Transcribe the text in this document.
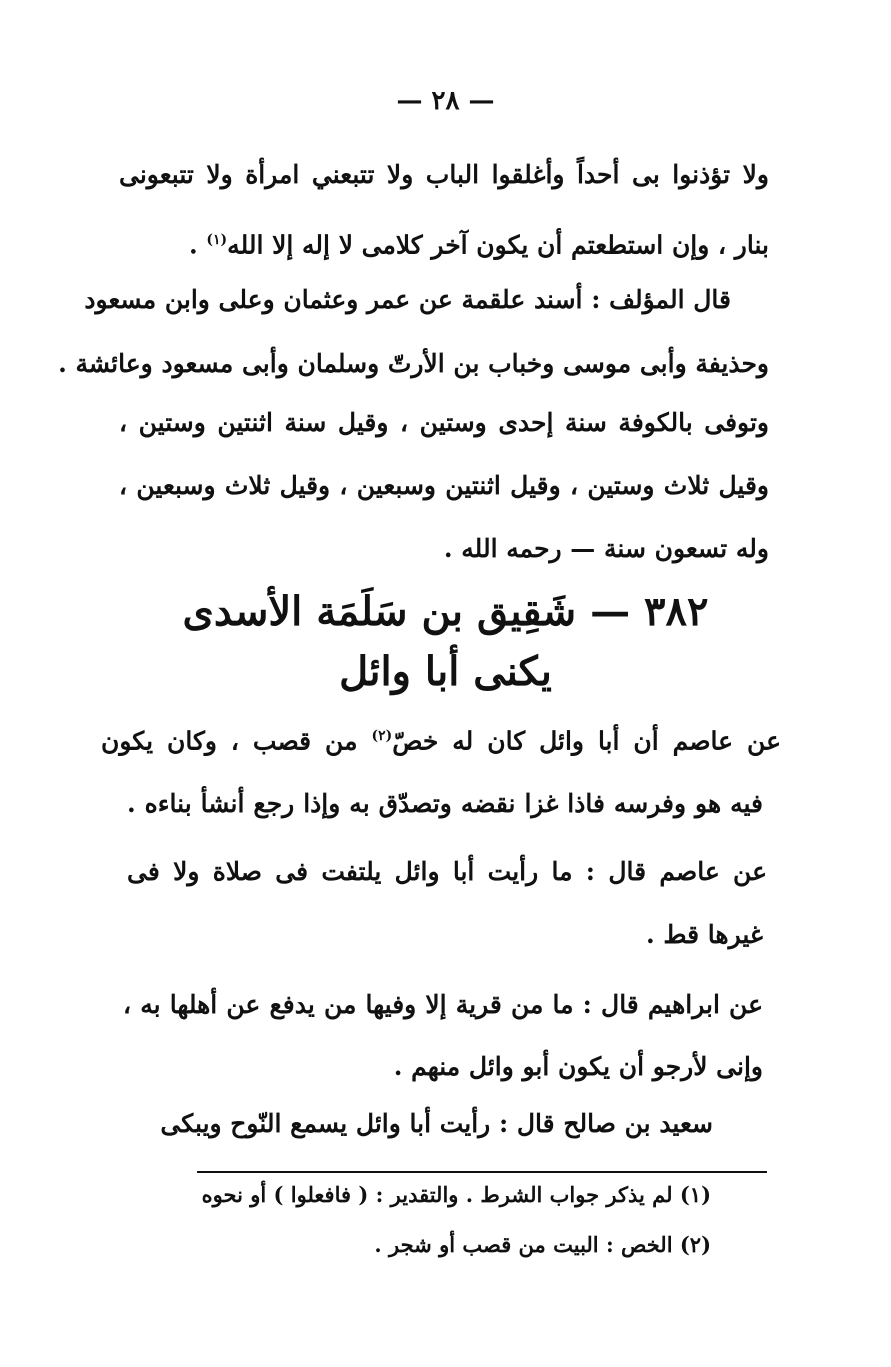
— ٢٨ —
ولا تؤذنوا بى أحداً وأغلقوا الباب ولا تتبعني امرأة ولا تتبعونى
بنار ، وإن استطعتم أن يكون آخر كلامى لا إله إلا الله$^{(١)}$ .
قال المؤلف : أسند علقمة عن عمر وعثمان وعلى وابن مسعود
وحذيفة وأبى موسى وخباب بن الأرتّ وسلمان وأبى مسعود وعائشة .
وتوفى بالكوفة سنة إحدى وستين ، وقيل سنة اثنتين وستين ،
وقيل ثلاث وستين ، وقيل اثنتين وسبعين ، وقيل ثلاث وسبعين ،
وله تسعون سنة — رحمه الله .
٣٨٢ — شَقِيق بن سَلَمَة الأسدى
يكنى أبا وائل
عن عاصم أن أبا وائل كان له خصّ$^{(٢)}$ من قصب ، وكان يكون
فيه هو وفرسه فاذا غزا نقضه وتصدّق به وإذا رجع أنشأ بناءه .
عن عاصم قال : ما رأيت أبا وائل يلتفت فى صلاة ولا فى
غيرها قط .
عن ابراهيم قال : ما من قرية إلا وفيها من يدفع عن أهلها به ،
وإنى لأرجو أن يكون أبو وائل منهم .
سعيد بن صالح قال : رأيت أبا وائل يسمع النّوح ويبكى
(١) لم يذكر جواب الشرط . والتقدير : ( فافعلوا ) أو نحوه
(٢) الخص : البيت من قصب أو شجر .
